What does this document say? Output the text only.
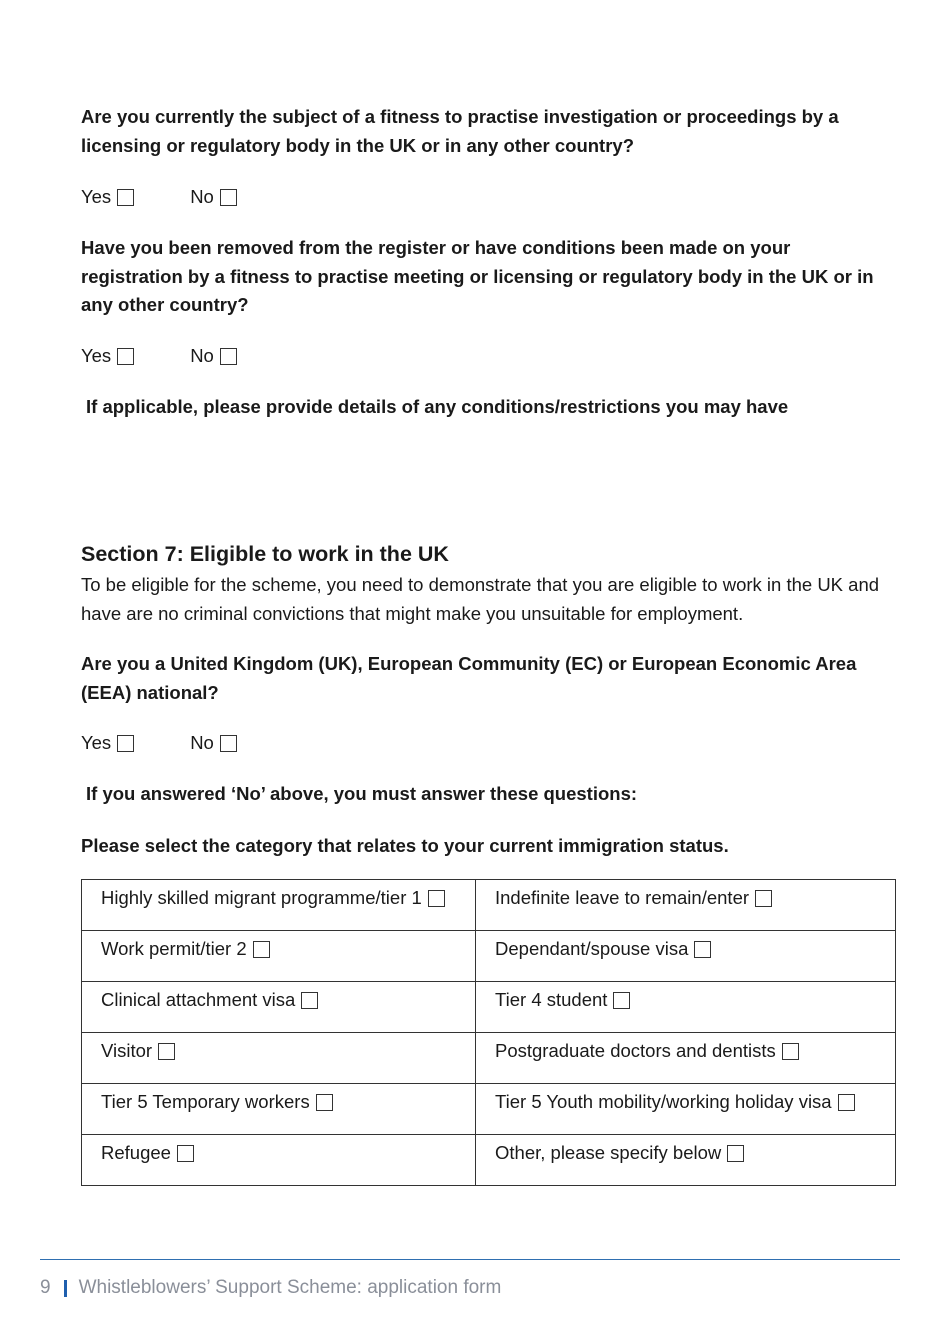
Are you currently the subject of a fitness to practise investigation or proceedings by a licensing or regulatory body in the UK or in any other country?

Yes	No

Have you been removed from the register or have conditions been made on your registration by a fitness to practise meeting or licensing or regulatory body in the UK or in any other country?

Yes	No

If applicable, please provide details of any conditions/restrictions you may have

Section 7: Eligible to work in the UK

To be eligible for the scheme, you need to demonstrate that you are eligible to work in the UK and have are no criminal convictions that might make you unsuitable for employment.

Are you a United Kingdom (UK), European Community (EC) or European Economic Area (EEA) national?

Yes	No

If you answered ‘No’ above, you must answer these questions:

Please select the category that relates to your current immigration status.

Highly skilled migrant programme/tier 1	Indefinite leave to remain/enter

Work permit/tier 2	Dependant/spouse visa

Clinical attachment visa	Tier 4 student

Visitor	Postgraduate doctors and dentists

Tier 5 Temporary workers	Tier 5 Youth mobility/working holiday visa

Refugee	Other, please specify below
9 Whistleblowers’ Support Scheme: application form
